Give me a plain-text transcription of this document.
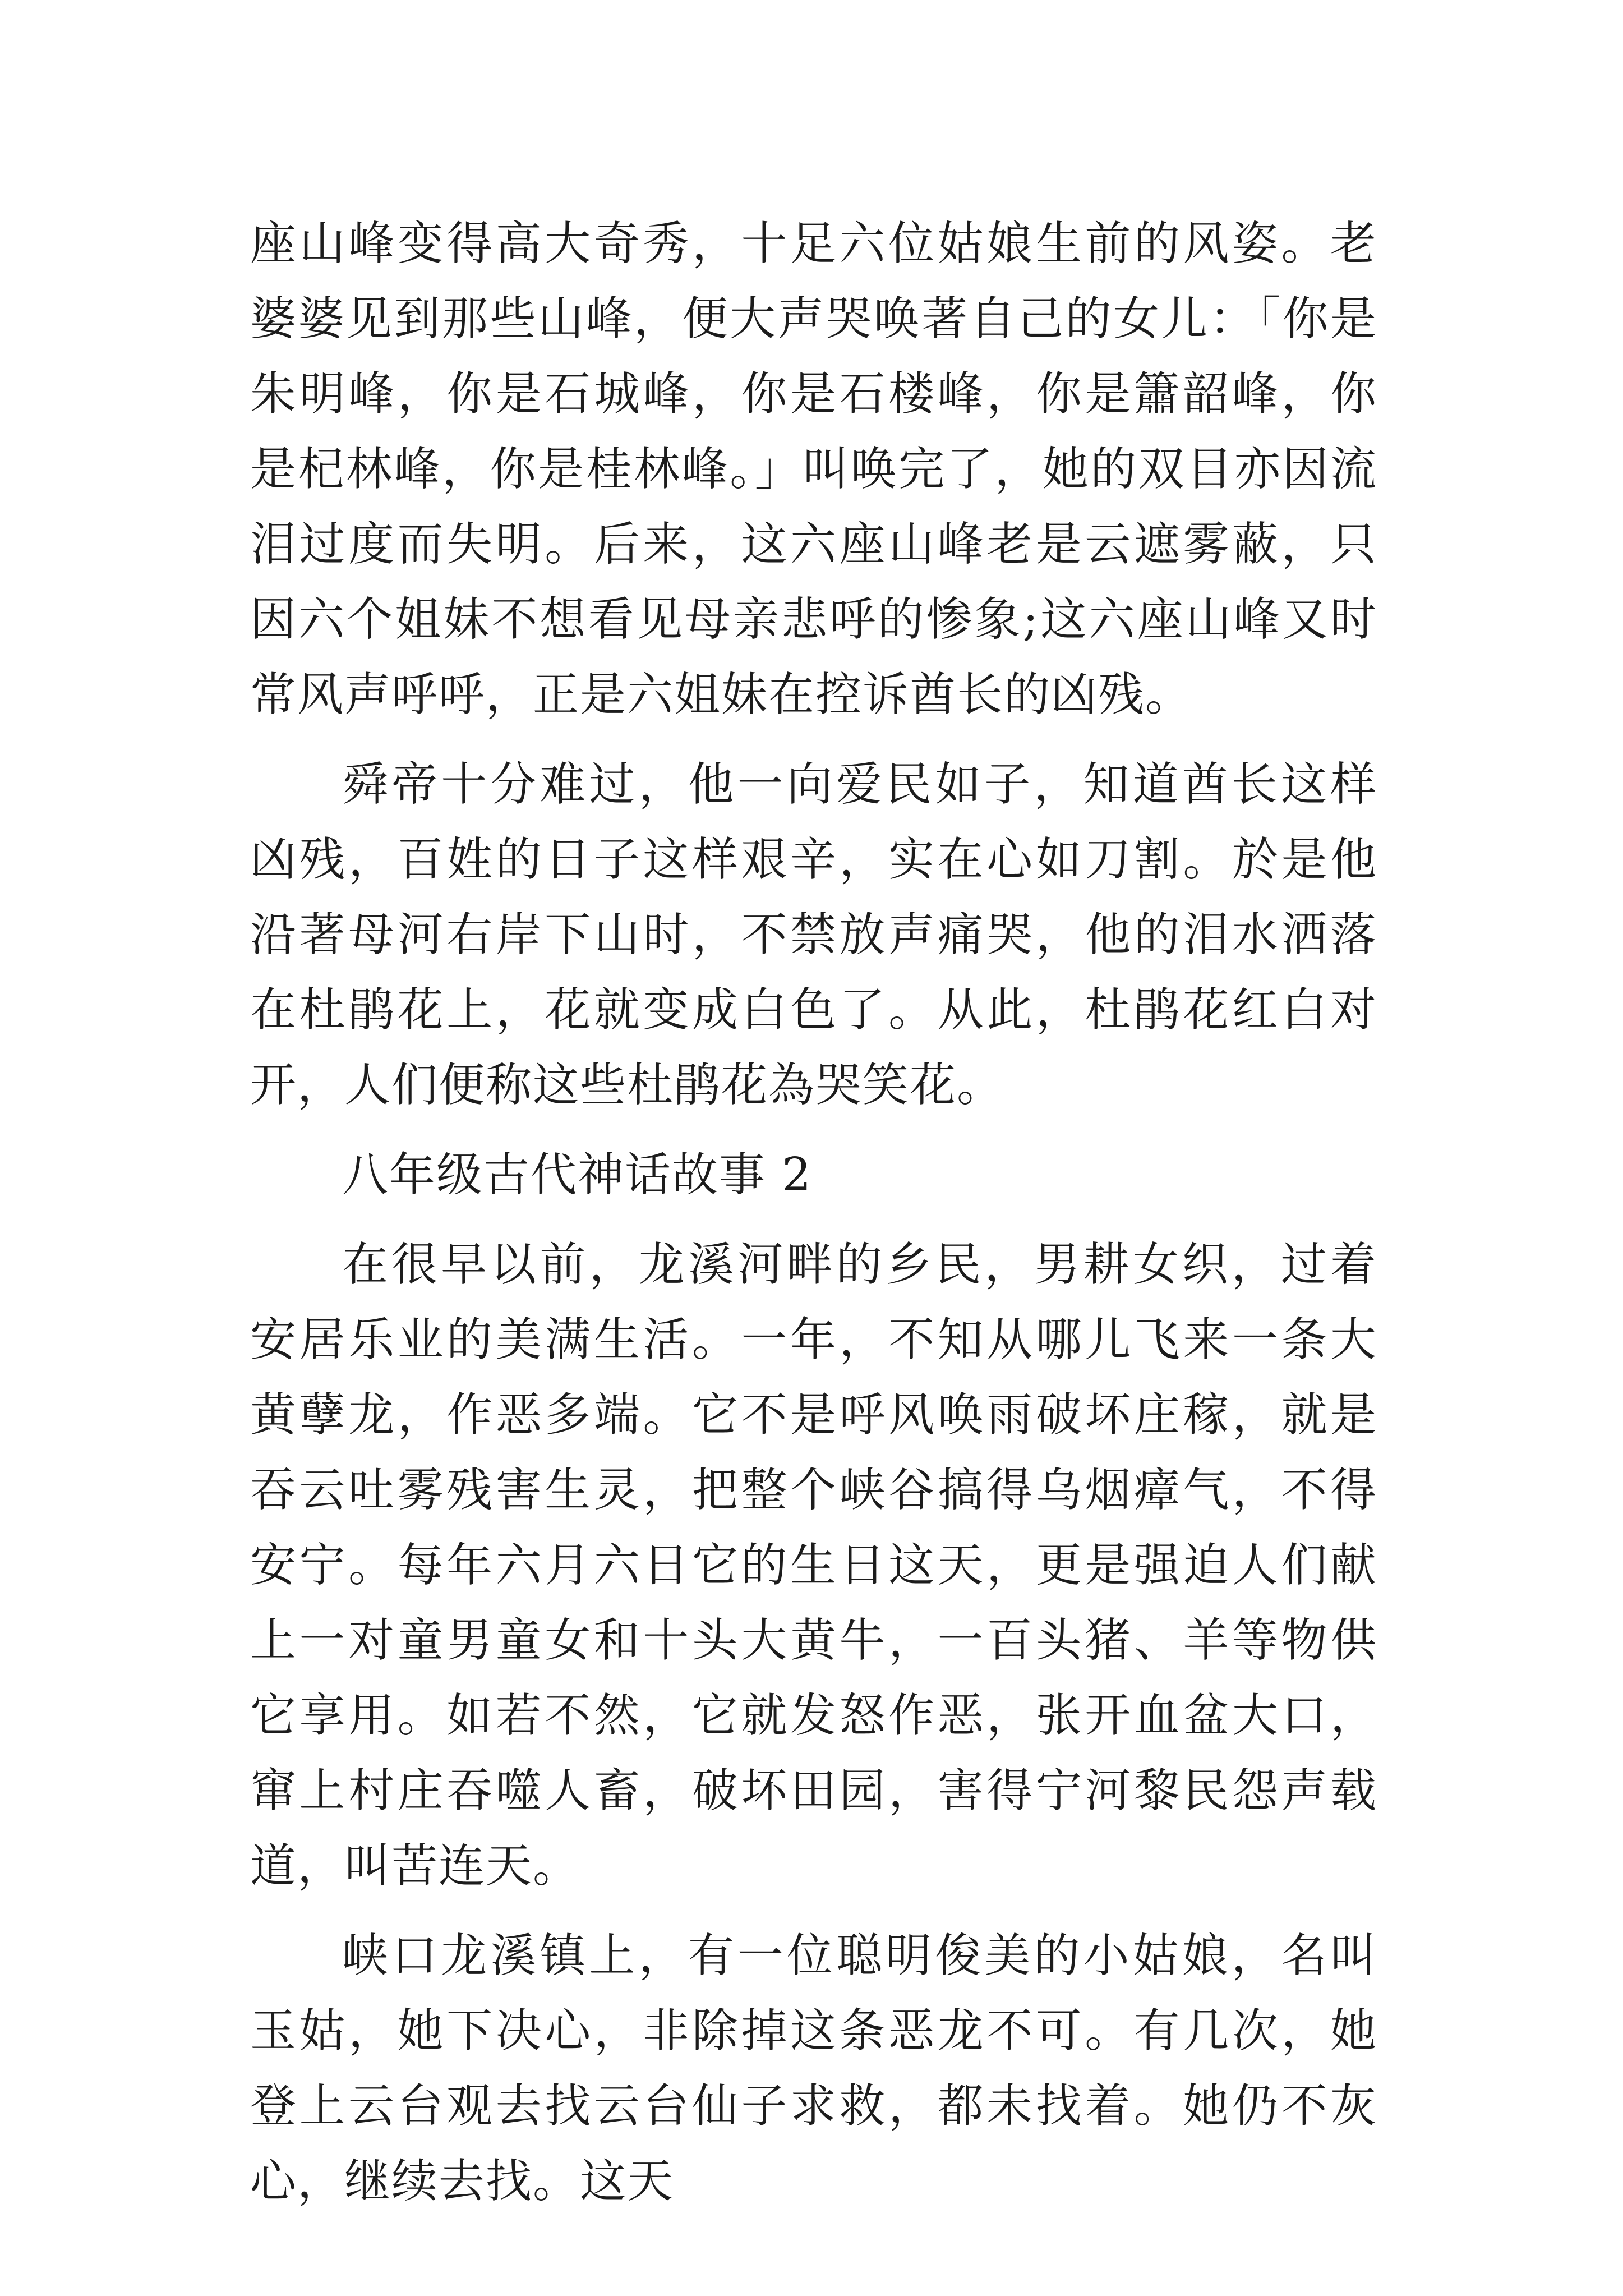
座山峰变得高大奇秀，十足六位姑娘生前的风姿。老婆婆见到那些山峰，便大声哭唤著自己的女儿：「你是朱明峰，你是石城峰，你是石楼峰，你是簫韶峰，你是杞林峰，你是桂林峰。」叫唤完了，她的双目亦因流泪过度而失明。后来，这六座山峰老是云遮雾蔽，只因六个姐妹不想看见母亲悲呼的惨象;这六座山峰又时常风声呼呼，正是六姐妹在控诉酋长的凶残。

舜帝十分难过，他一向爱民如子，知道酋长这样凶残，百姓的日子这样艰辛，实在心如刀割。於是他沿著母河右岸下山时，不禁放声痛哭，他的泪水洒落在杜鹃花上，花就变成白色了。从此，杜鹃花红白对开，人们便称这些杜鹃花為哭笑花。

八年级古代神话故事 2

在很早以前，龙溪河畔的乡民，男耕女织，过着安居乐业的美满生活。一年，不知从哪儿飞来一条大黄孽龙，作恶多端。它不是呼风唤雨破坏庄稼，就是吞云吐雾残害生灵，把整个峡谷搞得乌烟瘴气，不得安宁。每年六月六日它的生日这天，更是强迫人们献上一对童男童女和十头大黄牛，一百头猪、羊等物供它享用。如若不然，它就发怒作恶，张开血盆大口，窜上村庄吞噬人畜，破坏田园，害得宁河黎民怨声载道，叫苦连天。

峡口龙溪镇上，有一位聪明俊美的小姑娘，名叫玉姑，她下决心，非除掉这条恶龙不可。有几次，她登上云台观去找云台仙子求救，都未找着。她仍不灰心，继续去找。这天
